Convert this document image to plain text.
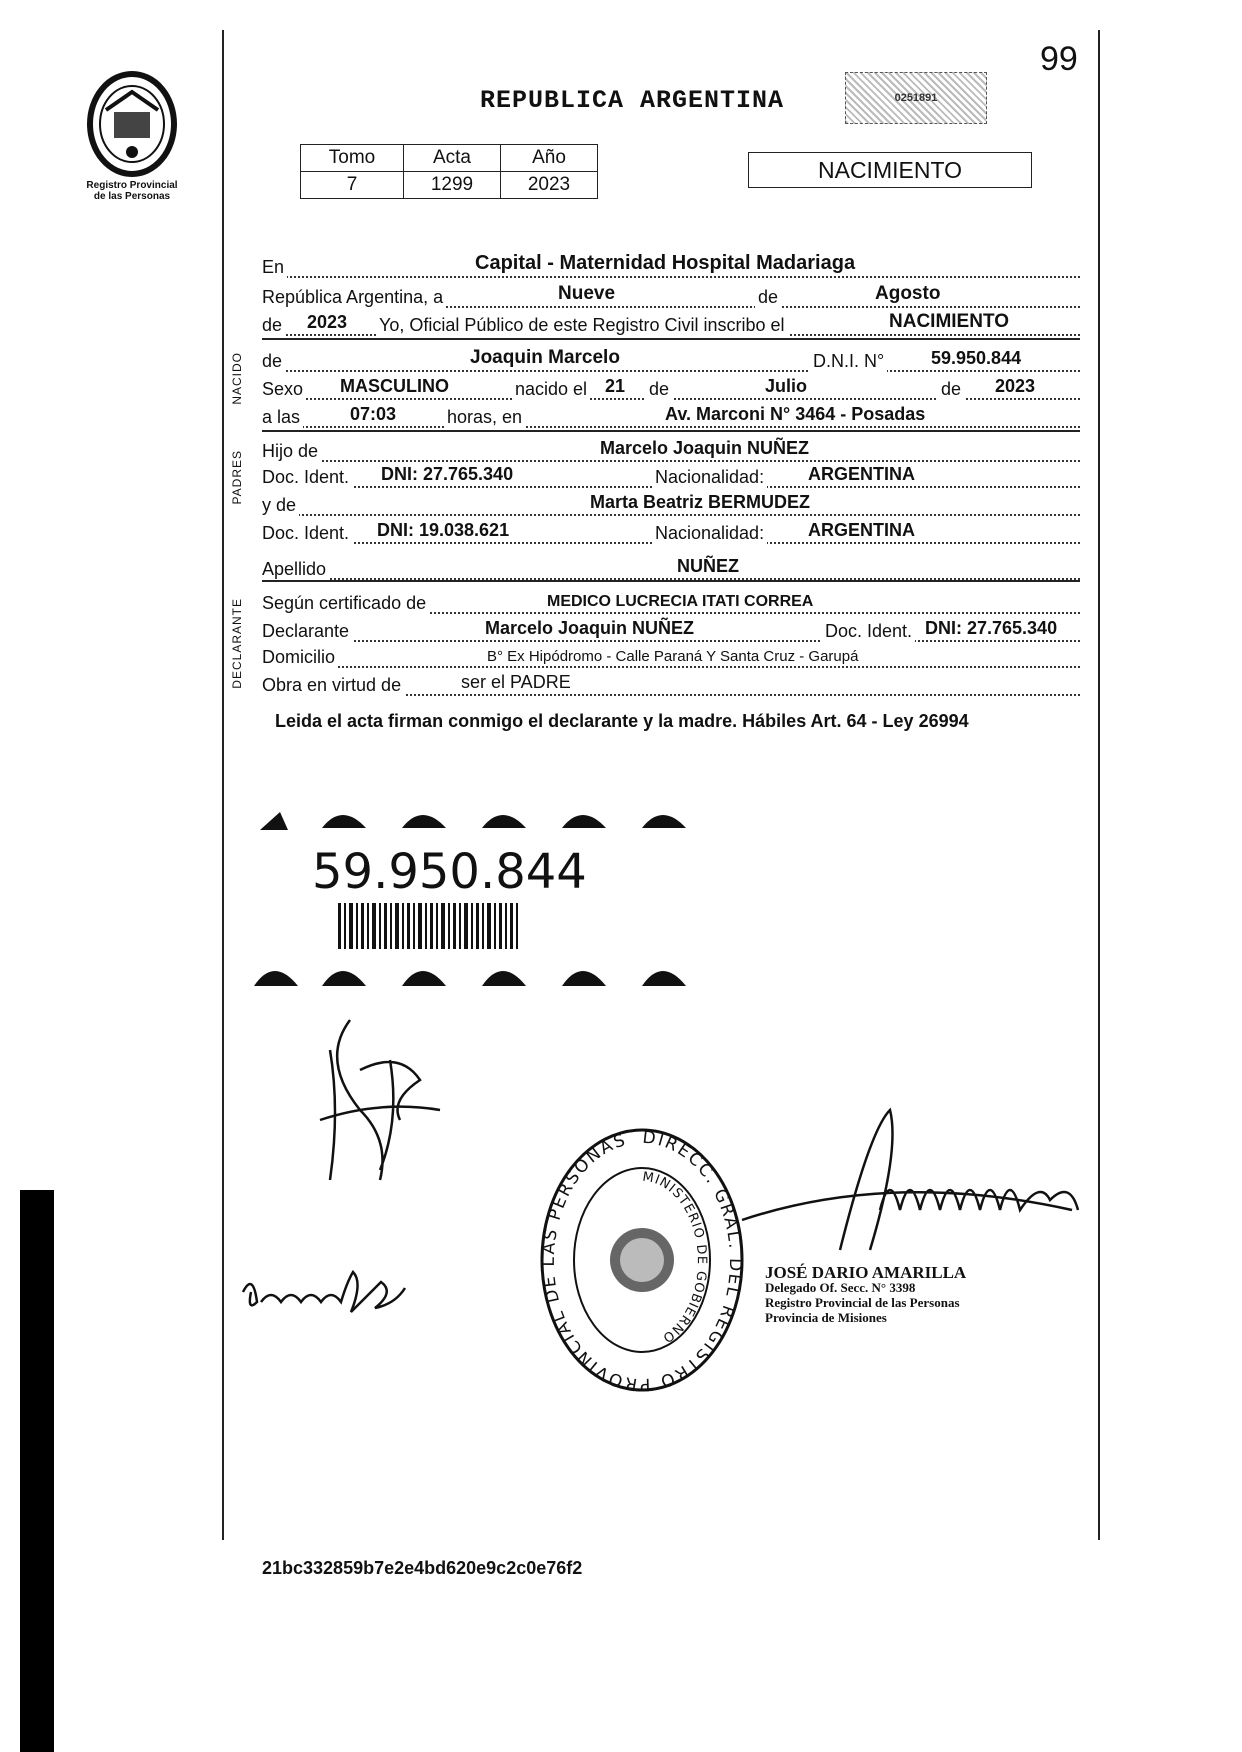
99
Registro Provincial
de las Personas
REPUBLICA ARGENTINA	0251891
Tomo	Acta	Año
7	1299	2023
NACIMIENTO
En	Capital - Maternidad Hospital Madariaga
República Argentina, a	Nueve	de	Agosto
de 2023 Yo, Oficial Público de este Registro Civil inscribo el	NACIMIENTO
NACIDO de	Joaquin Marcelo	D.N.I. N°	59.950.844
Sexo MASCULINO	nacido el 21 de	Julio	de 2023
a las	07:03	horas, en	Av. Marconi N° 3464 - Posadas
PADRES Hijo de	Marcelo Joaquin NUÑEZ
Doc. Ident. DNI: 27.765.340	Nacionalidad: ARGENTINA
y de	Marta Beatriz BERMUDEZ
Doc. Ident. DNI: 19.038.621	Nacionalidad: ARGENTINA
Apellido	NUÑEZ
DECLARANTE Según certificado de	MEDICO LUCRECIA ITATI CORREA
Declarante	Marcelo Joaquin NUÑEZ	Doc. Ident. DNI: 27.765.340
Domicilio	B° Ex Hipódromo - Calle Paraná Y Santa Cruz - Garupá
Obra en virtud de	ser el PADRE
Leida el acta firman conmigo el declarante y la madre. Hábiles Art. 64 - Ley 26994
59.950.844
DIRECC. GRAL. DEL REGISTRO PROVINCIAL DE LAS PERSONAS
MINISTERIO DE GOBIERNO
JOSÉ DARIO AMARILLA
Delegado Of. Secc. N° 3398
Registro Provincial de las Personas
Provincia de Misiones
21bc332859b7e2e4bd620e9c2c0e76f2
